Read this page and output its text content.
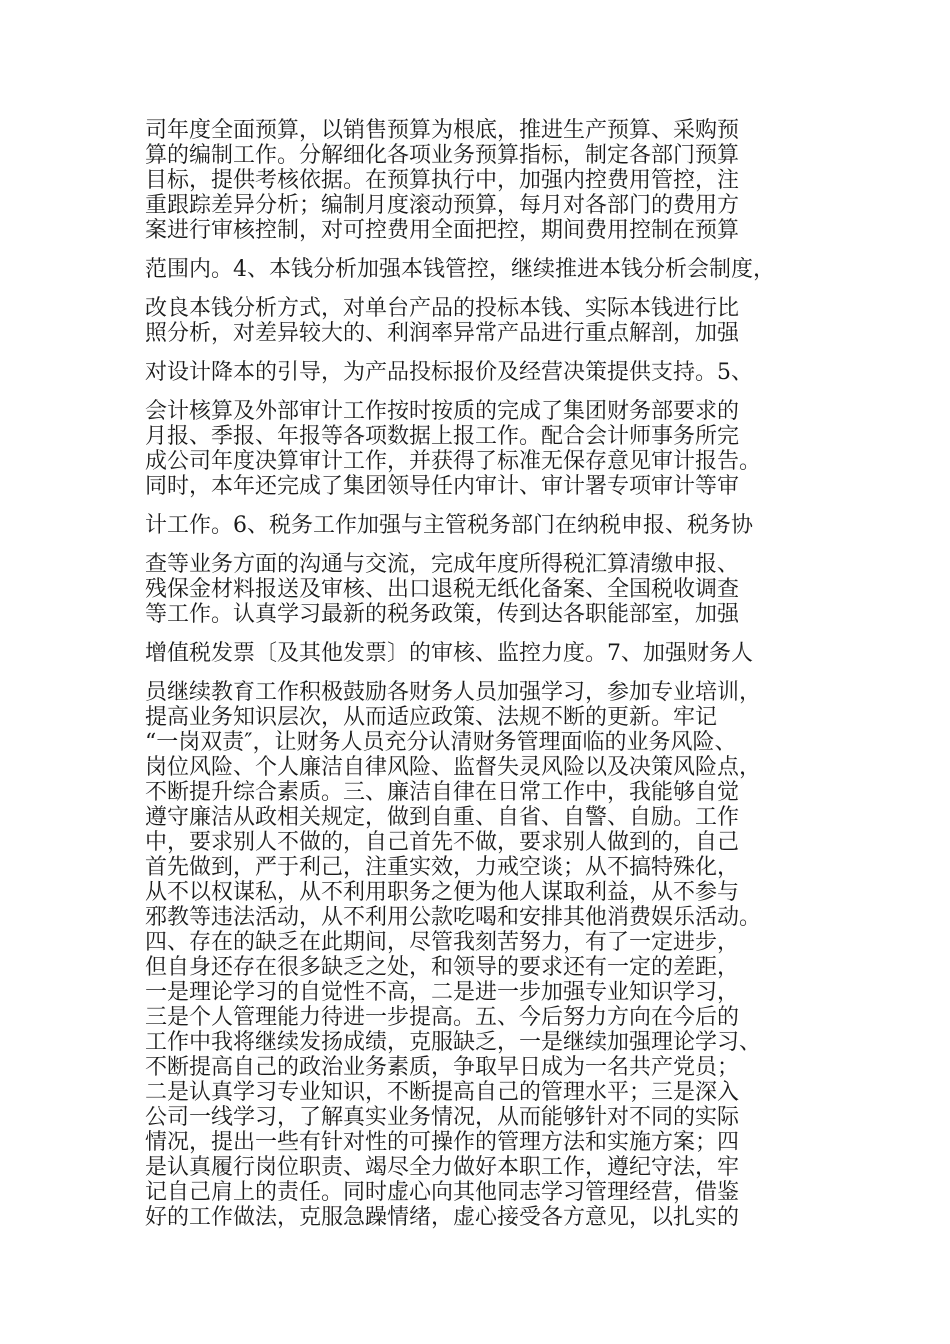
司年度全面预算，以销售预算为根底，推进生产预算、采购预
算的编制工作。分解细化各项业务预算指标，制定各部门预算
目标，提供考核依据。在预算执行中，加强内控费用管控，注
重跟踪差异分析；编制月度滚动预算，每月对各部门的费用方
案进行审核控制，对可控费用全面把控，期间费用控制在预算
范围内。4、本钱分析加强本钱管控，继续推进本钱分析会制度，
改良本钱分析方式，对单台产品的投标本钱、实际本钱进行比
照分析，对差异较大的、利润率异常产品进行重点解剖，加强
对设计降本的引导，为产品投标报价及经营决策提供支持。5、
会计核算及外部审计工作按时按质的完成了集团财务部要求的
月报、季报、年报等各项数据上报工作。配合会计师事务所完
成公司年度决算审计工作，并获得了标准无保存意见审计报告。
同时，本年还完成了集团领导任内审计、审计署专项审计等审
计工作。6、税务工作加强与主管税务部门在纳税申报、税务协
查等业务方面的沟通与交流，完成年度所得税汇算清缴申报、
残保金材料报送及审核、出口退税无纸化备案、全国税收调查
等工作。认真学习最新的税务政策，传到达各职能部室，加强
增值税发票〔及其他发票〕的审核、监控力度。7、加强财务人
员继续教育工作积极鼓励各财务人员加强学习，参加专业培训，
提高业务知识层次，从而适应政策、法规不断的更新。牢记
“一岗双责″，让财务人员充分认清财务管理面临的业务风险、
岗位风险、个人廉洁自律风险、监督失灵风险以及决策风险点，
不断提升综合素质。三、廉洁自律在日常工作中，我能够自觉
遵守廉洁从政相关规定，做到自重、自省、自警、自励。工作
中，要求别人不做的，自己首先不做，要求别人做到的，自己
首先做到，严于利己，注重实效，力戒空谈；从不搞特殊化，
从不以权谋私，从不利用职务之便为他人谋取利益，从不参与
邪教等违法活动，从不利用公款吃喝和安排其他消费娱乐活动。
四、存在的缺乏在此期间，尽管我刻苦努力，有了一定进步，
但自身还存在很多缺乏之处，和领导的要求还有一定的差距，
一是理论学习的自觉性不高，二是进一步加强专业知识学习，
三是个人管理能力待进一步提高。五、今后努力方向在今后的
工作中我将继续发扬成绩，克服缺乏，一是继续加强理论学习、
不断提高自己的政治业务素质，争取早日成为一名共产党员；
二是认真学习专业知识，不断提高自己的管理水平；三是深入
公司一线学习，了解真实业务情况，从而能够针对不同的实际
情况，提出一些有针对性的可操作的管理方法和实施方案；四
是认真履行岗位职责、竭尽全力做好本职工作，遵纪守法，牢
记自己肩上的责任。同时虚心向其他同志学习管理经营，借鉴
好的工作做法，克服急躁情绪，虚心接受各方意见，以扎实的
